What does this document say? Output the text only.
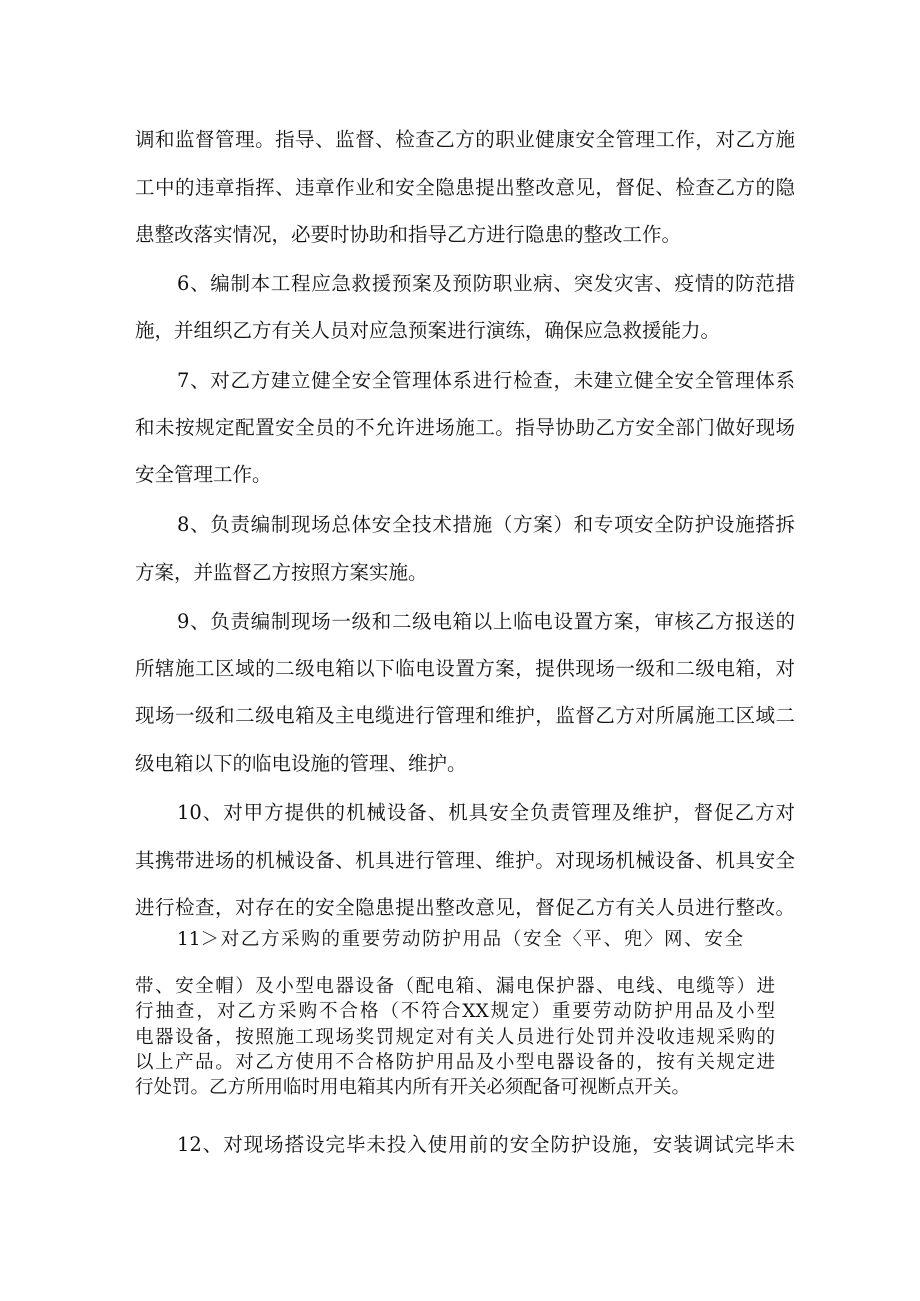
调和监督管理。指导、监督、检查乙方的职业健康安全管理工作，对乙方施
工中的违章指挥、违章作业和安全隐患提出整改意见，督促、检查乙方的隐
患整改落实情况，必要时协助和指导乙方进行隐患的整改工作。
6、编制本工程应急救援预案及预防职业病、突发灾害、疫情的防范措
施，并组织乙方有关人员对应急预案进行演练，确保应急救援能力。
7、对乙方建立健全安全管理体系进行检查，未建立健全安全管理体系
和未按规定配置安全员的不允许进场施工。指导协助乙方安全部门做好现场
安全管理工作。
8、负责编制现场总体安全技术措施（方案）和专项安全防护设施搭拆
方案，并监督乙方按照方案实施。
9、负责编制现场一级和二级电箱以上临电设置方案，审核乙方报送的
所辖施工区域的二级电箱以下临电设置方案，提供现场一级和二级电箱，对
现场一级和二级电箱及主电缆进行管理和维护，监督乙方对所属施工区域二
级电箱以下的临电设施的管理、维护。
10、对甲方提供的机械设备、机具安全负责管理及维护，督促乙方对
其携带进场的机械设备、机具进行管理、维护。对现场机械设备、机具安全
进行检查，对存在的安全隐患提出整改意见，督促乙方有关人员进行整改。
11＞对乙方采购的重要劳动防护用品（安全〈平、兜〉网、安全
带、安全帽）及小型电器设备（配电箱、漏电保护器、电线、电缆等）进
行抽查，对乙方采购不合格（不符合XX规定）重要劳动防护用品及小型
电器设备，按照施工现场奖罚规定对有关人员进行处罚并没收违规采购的
以上产品。对乙方使用不合格防护用品及小型电器设备的，按有关规定进
行处罚。乙方所用临时用电箱其内所有开关必须配备可视断点开关。
12、对现场搭设完毕未投入使用前的安全防护设施，安装调试完毕未
